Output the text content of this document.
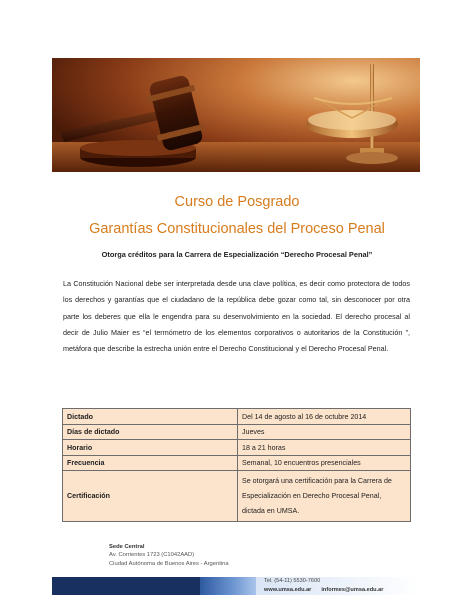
Curso de Posgrado
Garantías Constitucionales del Proceso Penal
Otorga créditos para la Carrera de Especialización “Derecho Procesal Penal”
La Constitución Nacional debe ser interpretada desde una clave política, es decir como protectora de todos los derechos y garantías que el ciudadano de la república debe gozar como tal, sin desconocer por otra parte los deberes que ella le engendra para su desenvolvimiento en la sociedad. El derecho procesal al decir de Julio Maier es “el termómetro de los elementos corporativos o autoritarios de la Constitución ”, metáfora que describe la estrecha unión entre el Derecho Constitucional y el Derecho Procesal Penal.
Dictado	Del 14 de agosto al 16 de octubre 2014
Días de dictado	Jueves
Horario	18 a 21 horas
Frecuencia	Semanal, 10 encuentros presenciales
Certificación	Se otorgará una certificación para la Carrera de
Especialización en Derecho Procesal Penal,
dictada en UMSA.
Sede Central
Av. Corrientes 1723 (C1042AAD)
Ciudad Autónoma de Buenos Aires - Argentina
Tel. (54-11) 5530-7600
www.umsa.edu.ar informes@umsa.edu.ar
